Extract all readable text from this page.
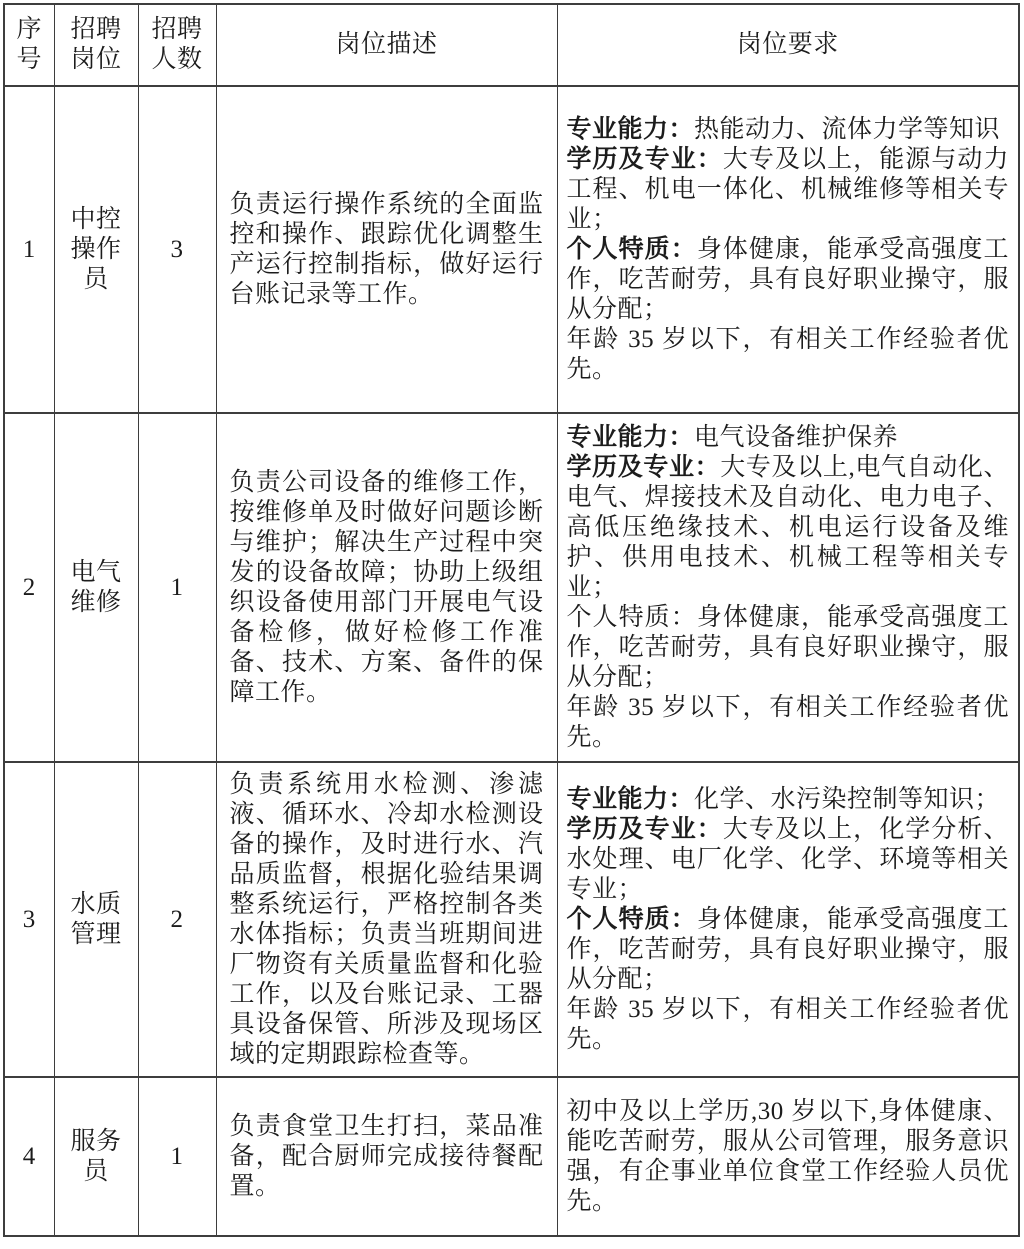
序号	招聘岗位	招聘人数	岗位描述	岗位要求
1	中控操作员	3	负责运行操作系统的全面监控和操作、跟踪优化调整生产运行控制指标，做好运行台账记录等工作。	专业能力：热能动力、流体力学等知识

学历及专业：大专及以上，能源与动力工程、机电一体化、机械维修等相关专业；

个人特质：身体健康，能承受高强度工作，吃苦耐劳，具有良好职业操守，服从分配；

年龄 35 岁以下，有相关工作经验者优先。

2	电气维修	1	负责公司设备的维修工作，按维修单及时做好问题诊断与维护；解决生产过程中突发的设备故障；协助上级组织设备使用部门开展电气设备检修，做好检修工作准备、技术、方案、备件的保障工作。	专业能力：电气设备维护保养

学历及专业：大专及以上,电气自动化、电气、焊接技术及自动化、电力电子、高低压绝缘技术、机电运行设备及维护、供用电技术、机械工程等相关专业；

个人特质：身体健康，能承受高强度工作，吃苦耐劳，具有良好职业操守，服从分配；

年龄 35 岁以下，有相关工作经验者优先。

3	水质管理	2	负责系统用水检测、渗滤液、循环水、冷却水检测设备的操作，及时进行水、汽品质监督，根据化验结果调整系统运行，严格控制各类水体指标；负责当班期间进厂物资有关质量监督和化验工作，以及台账记录、工器具设备保管、所涉及现场区域的定期跟踪检查等。	专业能力：化学、水污染控制等知识；

学历及专业：大专及以上，化学分析、水处理、电厂化学、化学、环境等相关专业；

个人特质：身体健康，能承受高强度工作，吃苦耐劳，具有良好职业操守，服从分配；

年龄 35 岁以下，有相关工作经验者优先。

4	服务员	1	负责食堂卫生打扫，菜品准备，配合厨师完成接待餐配置。	初中及以上学历,30 岁以下,身体健康、能吃苦耐劳，服从公司管理，服务意识强，有企事业单位食堂工作经验人员优先。
